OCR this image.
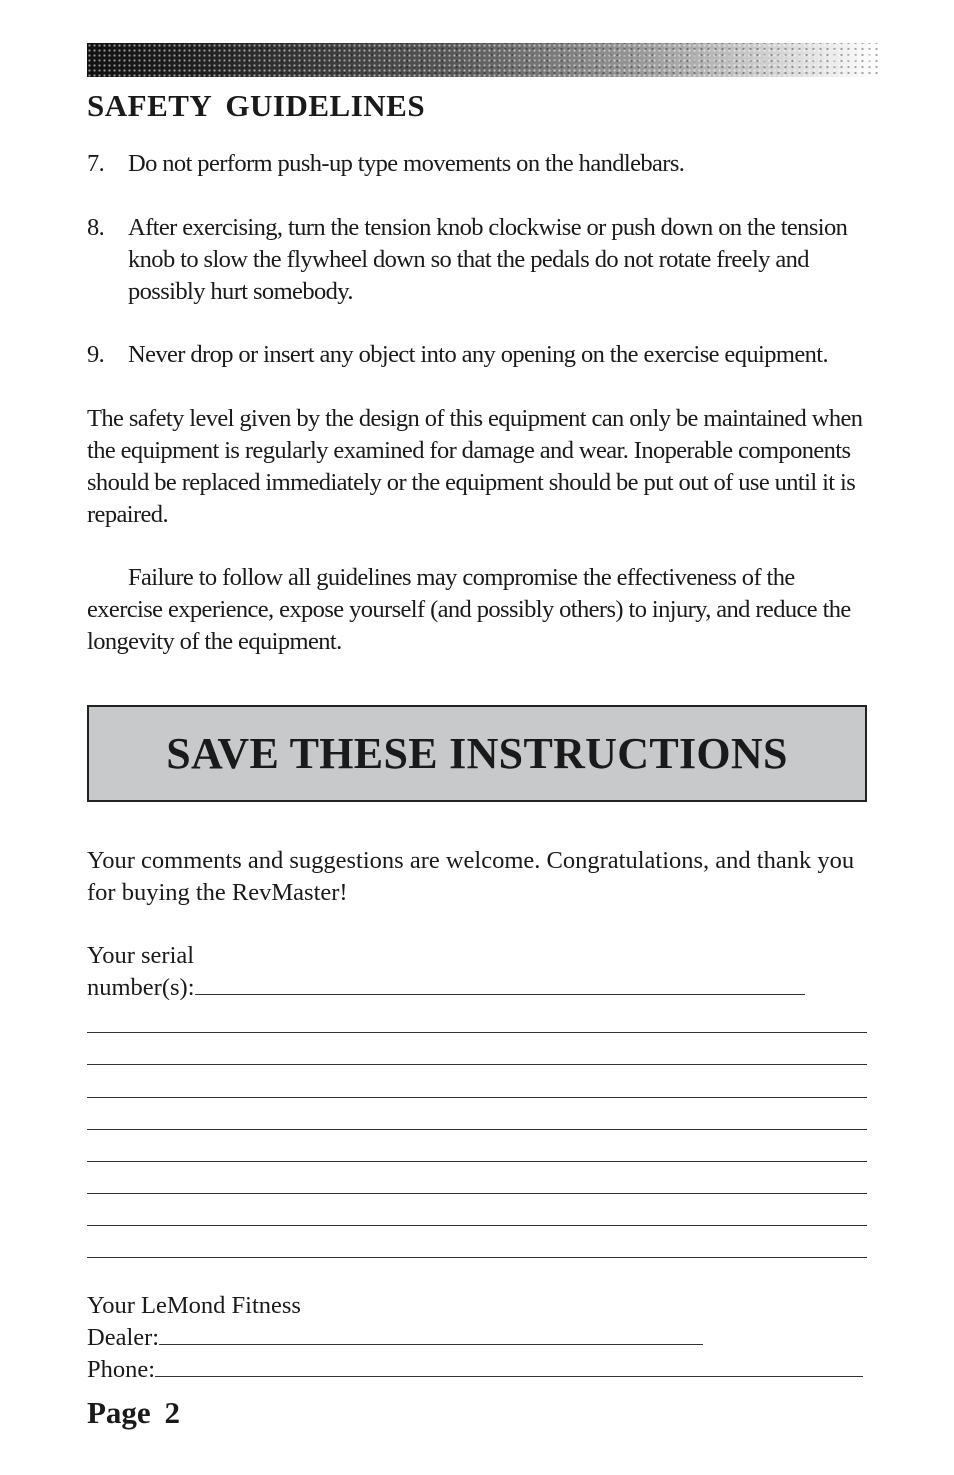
SAFETY GUIDELINES
7. Do not perform push-up type movements on the handlebars.
8. After exercising, turn the tension knob clockwise or push down on the tension knob to slow the flywheel down so that the pedals do not rotate freely and possibly hurt somebody.
9. Never drop or insert any object into any opening on the exercise equipment.

The safety level given by the design of this equipment can only be maintained when the equipment is regularly examined for damage and wear. Inoperable components should be replaced immediately or the equipment should be put out of use until it is repaired.

Failure to follow all guidelines may compromise the effectiveness of the exercise experience, expose yourself (and possibly others) to injury, and reduce the longevity of the equipment.

SAVE THESE INSTRUCTIONS

Your comments and suggestions are welcome. Congratulations, and thank you for buying the RevMaster!

Your serial
number(s):
Your LeMond Fitness
Dealer:
Phone:

Page 2
